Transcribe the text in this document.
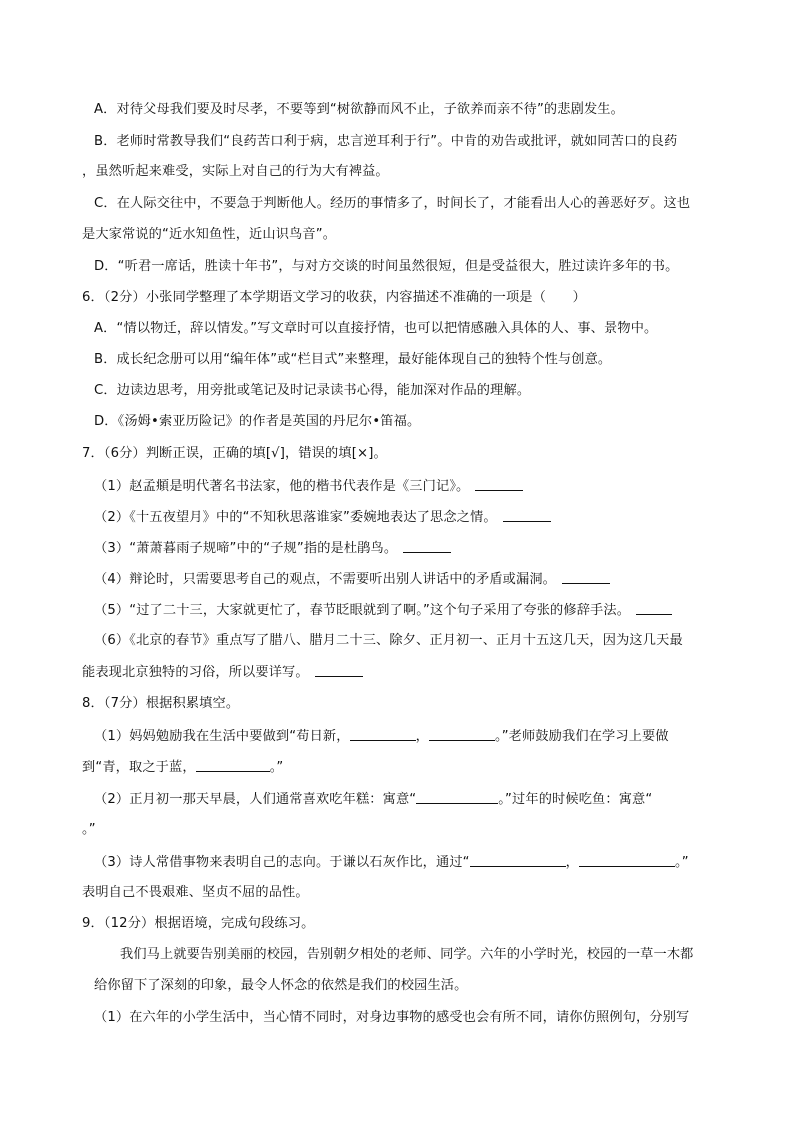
A．对待父母我们要及时尽孝，不要等到“树欲静而风不止，子欲养而亲不待”的悲剧发生。
B．老师时常教导我们“良药苦口利于病，忠言逆耳利于行”。中肯的劝告或批评，就如同苦口的良药
，虽然听起来难受，实际上对自己的行为大有裨益。
C．在人际交往中，不要急于判断他人。经历的事情多了，时间长了，才能看出人心的善恶好歹。这也
是大家常说的“近水知鱼性，近山识鸟音”。
D．“听君一席话，胜读十年书”，与对方交谈的时间虽然很短，但是受益很大，胜过读许多年的书。
6．（2分）小张同学整理了本学期语文学习的收获，内容描述不准确的一项是（　　）
A．“情以物迁，辞以情发。”写文章时可以直接抒情，也可以把情感融入具体的人、事、景物中。
B．成长纪念册可以用“编年体”或“栏目式”来整理，最好能体现自己的独特个性与创意。
C．边读边思考，用旁批或笔记及时记录读书心得，能加深对作品的理解。
D．《汤姆•索亚历险记》的作者是英国的丹尼尔•笛福。
7．（6分）判断正误，正确的填[√]，错误的填[×]。
（1）赵孟頫是明代著名书法家，他的楷书代表作是《三门记》。
（2）《十五夜望月》中的“不知秋思落谁家”委婉地表达了思念之情。
（3）“萧萧暮雨子规啼”中的“子规”指的是杜鹃鸟。
（4）辩论时，只需要思考自己的观点，不需要听出别人讲话中的矛盾或漏洞。
（5）“过了二十三，大家就更忙了，春节眨眼就到了啊。”这个句子采用了夸张的修辞手法。
（6）《北京的春节》重点写了腊八、腊月二十三、除夕、正月初一、正月十五这几天，因为这几天最
能表现北京独特的习俗，所以要详写。
8．（7分）根据积累填空。
（1）妈妈勉励我在生活中要做到“苟日新，	，	。”老师鼓励我们在学习上要做
到“青，取之于蓝，	。”
（2）正月初一那天早晨，人们通常喜欢吃年糕：寓意“	。”过年的时候吃鱼：寓意“
。”
（3）诗人常借事物来表明自己的志向。于谦以石灰作比，通过“	，	。”
表明自己不畏艰难、坚贞不屈的品性。
9．（12分）根据语境，完成句段练习。
我们马上就要告别美丽的校园，告别朝夕相处的老师、同学。六年的小学时光，校园的一草一木都
给你留下了深刻的印象，最令人怀念的依然是我们的校园生活。
（1）在六年的小学生活中，当心情不同时，对身边事物的感受也会有所不同，请你仿照例句，分别写
